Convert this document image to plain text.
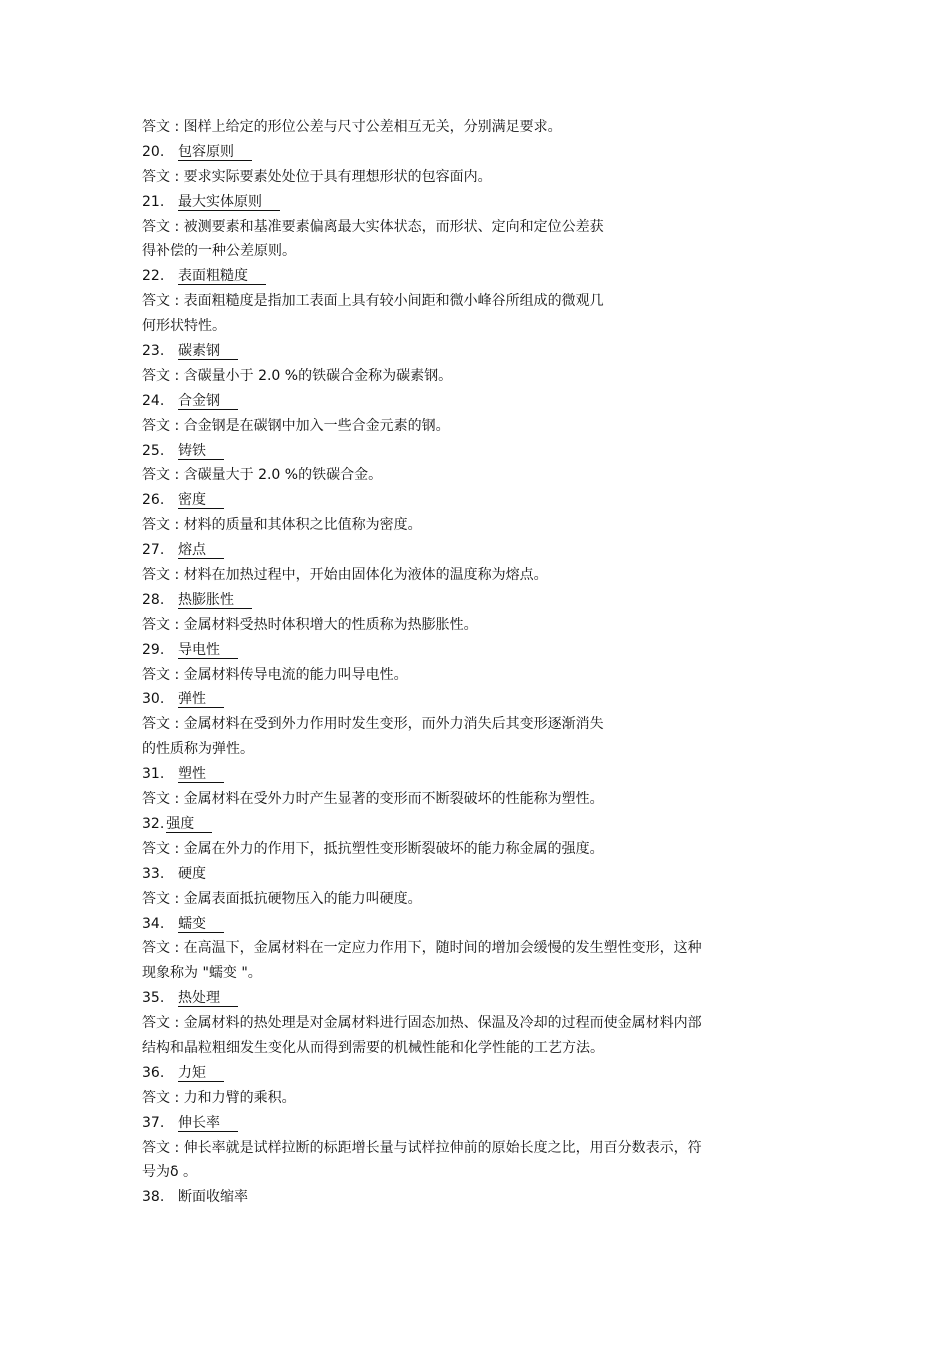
答文 : 图样上给定的形位公差与尺寸公差相互无关，分别满足要求。
20. 包容原则
答文 : 要求实际要素处处位于具有理想形状的包容面内。
21. 最大实体原则
答文 : 被测要素和基准要素偏离最大实体状态，而形状、定向和定位公差获
得补偿的一种公差原则。
22. 表面粗糙度
答文 : 表面粗糙度是指加工表面上具有较小间距和微小峰谷所组成的微观几
何形状特性。
23. 碳素钢
答文 : 含碳量小于 2.0 %的铁碳合金称为碳素钢。
24. 合金钢
答文 : 合金钢是在碳钢中加入一些合金元素的钢。
25. 铸铁
答文 : 含碳量大于 2.0 %的铁碳合金。
26. 密度
答文 : 材料的质量和其体积之比值称为密度。
27. 熔点
答文 : 材料在加热过程中，开始由固体化为液体的温度称为熔点。
28. 热膨胀性
答文 : 金属材料受热时体积增大的性质称为热膨胀性。
29. 导电性
答文 : 金属材料传导电流的能力叫导电性。
30. 弹性
答文 : 金属材料在受到外力作用时发生变形，而外力消失后其变形逐渐消失
的性质称为弹性。
31. 塑性
答文 : 金属材料在受外力时产生显著的变形而不断裂破坏的性能称为塑性。
32. 强度
答文 : 金属在外力的作用下，抵抗塑性变形断裂破坏的能力称金属的强度。
33. 硬度
答文 : 金属表面抵抗硬物压入的能力叫硬度。
34. 蠕变
答文 : 在高温下，金属材料在一定应力作用下，随时间的增加会缓慢的发生塑性变形，这种
现象称为 "蠕变 "。
35. 热处理
答文 : 金属材料的热处理是对金属材料进行固态加热、保温及冷却的过程而使金属材料内部
结构和晶粒粗细发生变化从而得到需要的机械性能和化学性能的工艺方法。
36. 力矩
答文 : 力和力臂的乘积。
37. 伸长率
答文 : 伸长率就是试样拉断的标距增长量与试样拉伸前的原始长度之比，用百分数表示，符
号为δ 。
38. 断面收缩率
